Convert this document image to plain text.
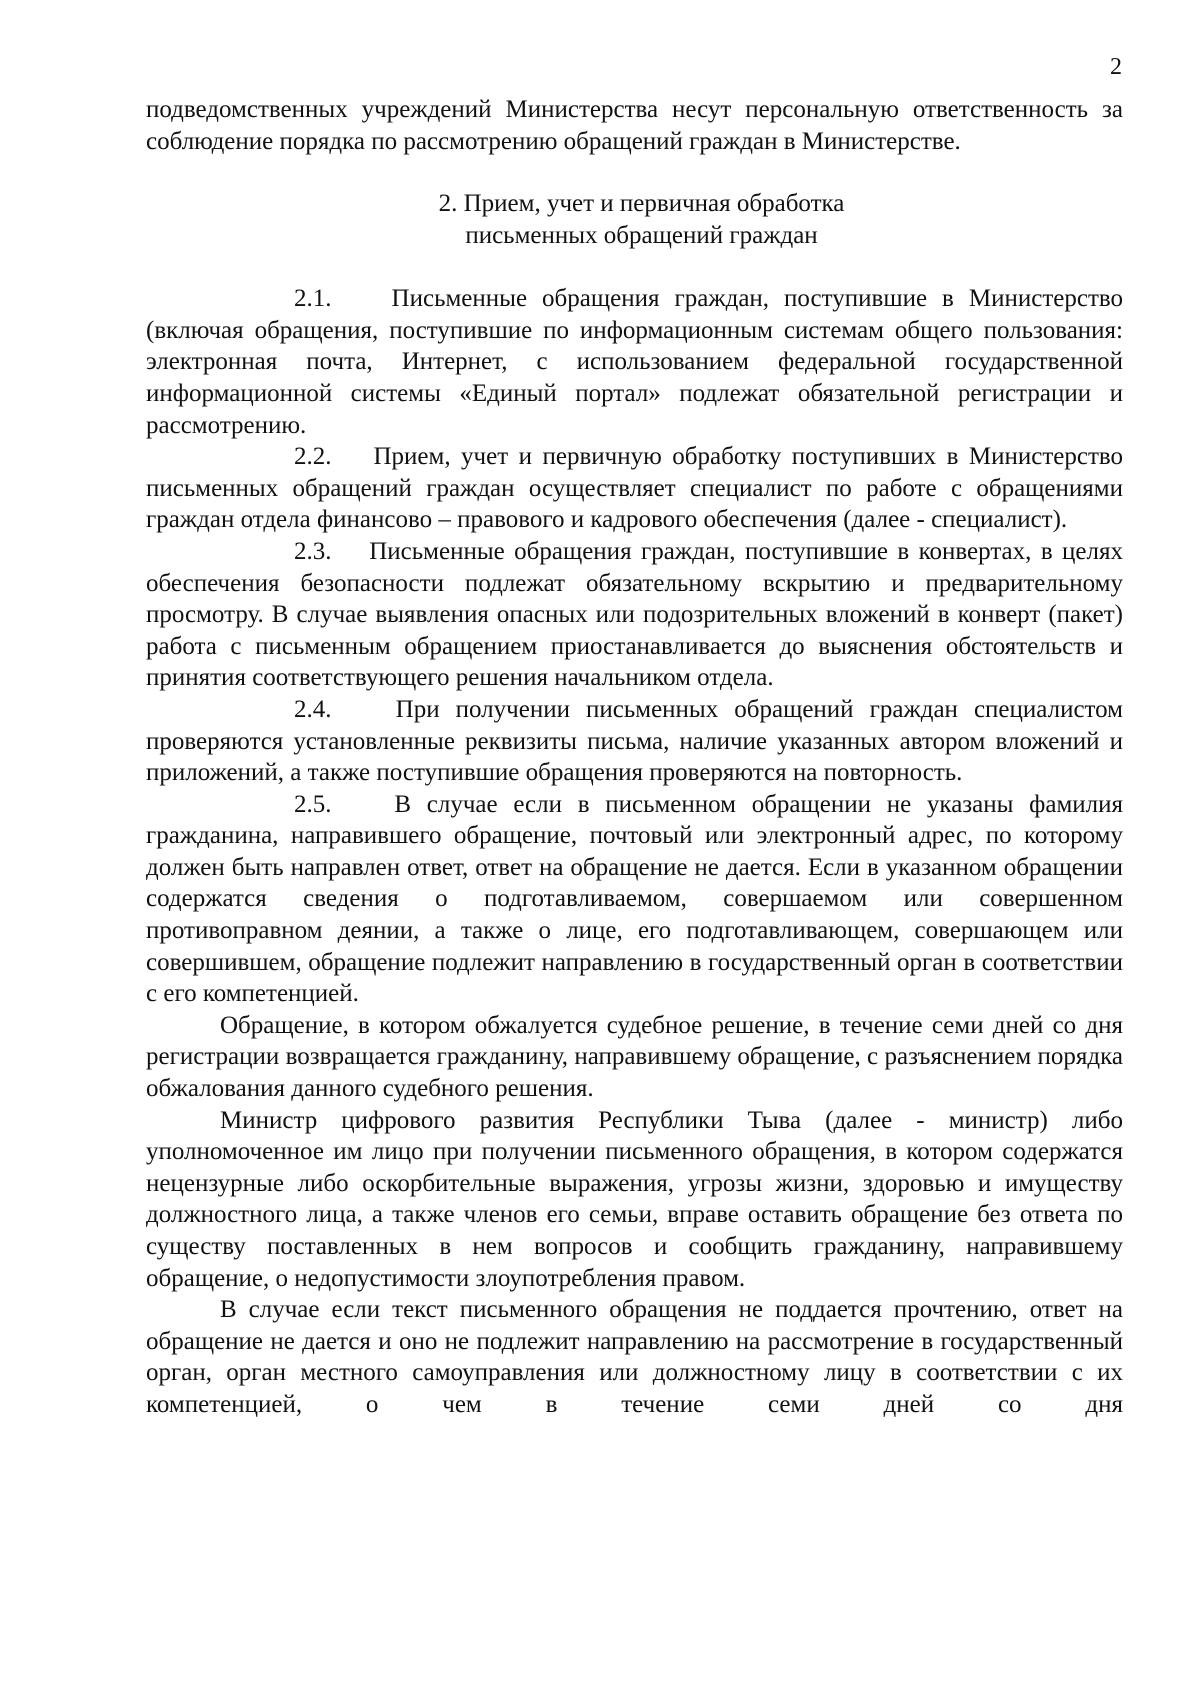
2

подведомственных учреждений Министерства несут персональную ответственность за соблюдение порядка по рассмотрению обращений граждан в Министерстве.

2. Прием, учет и первичная обработка

письменных обращений граждан

2.1. Письменные обращения граждан, поступившие в Министерство (включая обращения, поступившие по информационным системам общего пользования: электронная почта, Интернет, с использованием федеральной государственной информационной системы «Единый портал» подлежат обязательной регистрации и рассмотрению.

2.2. Прием, учет и первичную обработку поступивших в Министерство письменных обращений граждан осуществляет специалист по работе с обращениями граждан отдела финансово – правового и кадрового обеспечения (далее - специалист).

2.3. Письменные обращения граждан, поступившие в конвертах, в целях обеспечения безопасности подлежат обязательному вскрытию и предварительному просмотру. В случае выявления опасных или подозрительных вложений в конверт (пакет) работа с письменным обращением приостанавливается до выяснения обстоятельств и принятия соответствующего решения начальником отдела.

2.4.	При получении письменных обращений граждан специалистом проверяются установленные реквизиты письма, наличие указанных автором вложений и приложений, а также поступившие обращения проверяются на повторность.

2.5.	В случае если в письменном обращении не указаны фамилия гражданина, направившего обращение, почтовый или электронный адрес, по которому должен быть направлен ответ, ответ на обращение не дается. Если в указанном обращении содержатся сведения о подготавливаемом, совершаемом или совершенном противоправном деянии, а также о лице, его подготавливающем, совершающем или совершившем, обращение подлежит направлению в государственный орган в соответствии с его компетенцией.

Обращение, в котором обжалуется судебное решение, в течение семи дней со дня регистрации возвращается гражданину, направившему обращение, с разъяснением порядка обжалования данного судебного решения.

Министр цифрового развития Республики Тыва (далее - министр) либо уполномоченное им лицо при получении письменного обращения, в котором содержатся нецензурные либо оскорбительные выражения, угрозы жизни, здоровью и имуществу должностного лица, а также членов его семьи, вправе оставить обращение без ответа по существу поставленных в нем вопросов и сообщить гражданину, направившему обращение, о недопустимости злоупотребления правом.

В случае если текст письменного обращения не поддается прочтению, ответ на обращение не дается и оно не подлежит направлению на рассмотрение в государственный орган, орган местного самоуправления или должностному лицу в соответствии с их компетенцией, о чем в течение семи дней со дня
